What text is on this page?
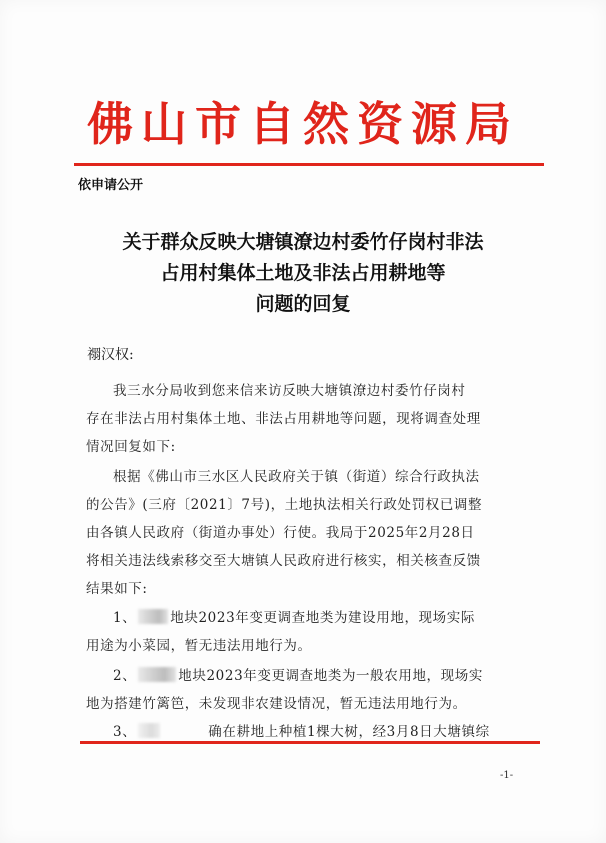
佛山市自然资源局
依申请公开
关于群众反映大塘镇潦边村委竹仔岗村非法
占用村集体土地及非法占用耕地等
问题的回复
禤汉权:
我三水分局收到您来信来访反映大塘镇潦边村委竹仔岗村
存在非法占用村集体土地、非法占用耕地等问题，现将调查处理
情况回复如下:
根据《佛山市三水区人民政府关于镇（街道）综合行政执法
的公告》(三府〔2021〕7号)，土地执法相关行政处罚权已调整
由各镇人民政府（街道办事处）行使。我局于2025年2月28日
将相关违法线索移交至大塘镇人民政府进行核实，相关核查反馈
结果如下:
1、	地块2023年变更调查地类为建设用地，现场实际
用途为小菜园，暂无违法用地行为。
2、	地块2023年变更调查地类为一般农用地，现场实
地为搭建竹篱笆，未发现非农建设情况，暂无违法用地行为。
3、	确在耕地上种植1棵大树，经3月8日大塘镇综
-1-
